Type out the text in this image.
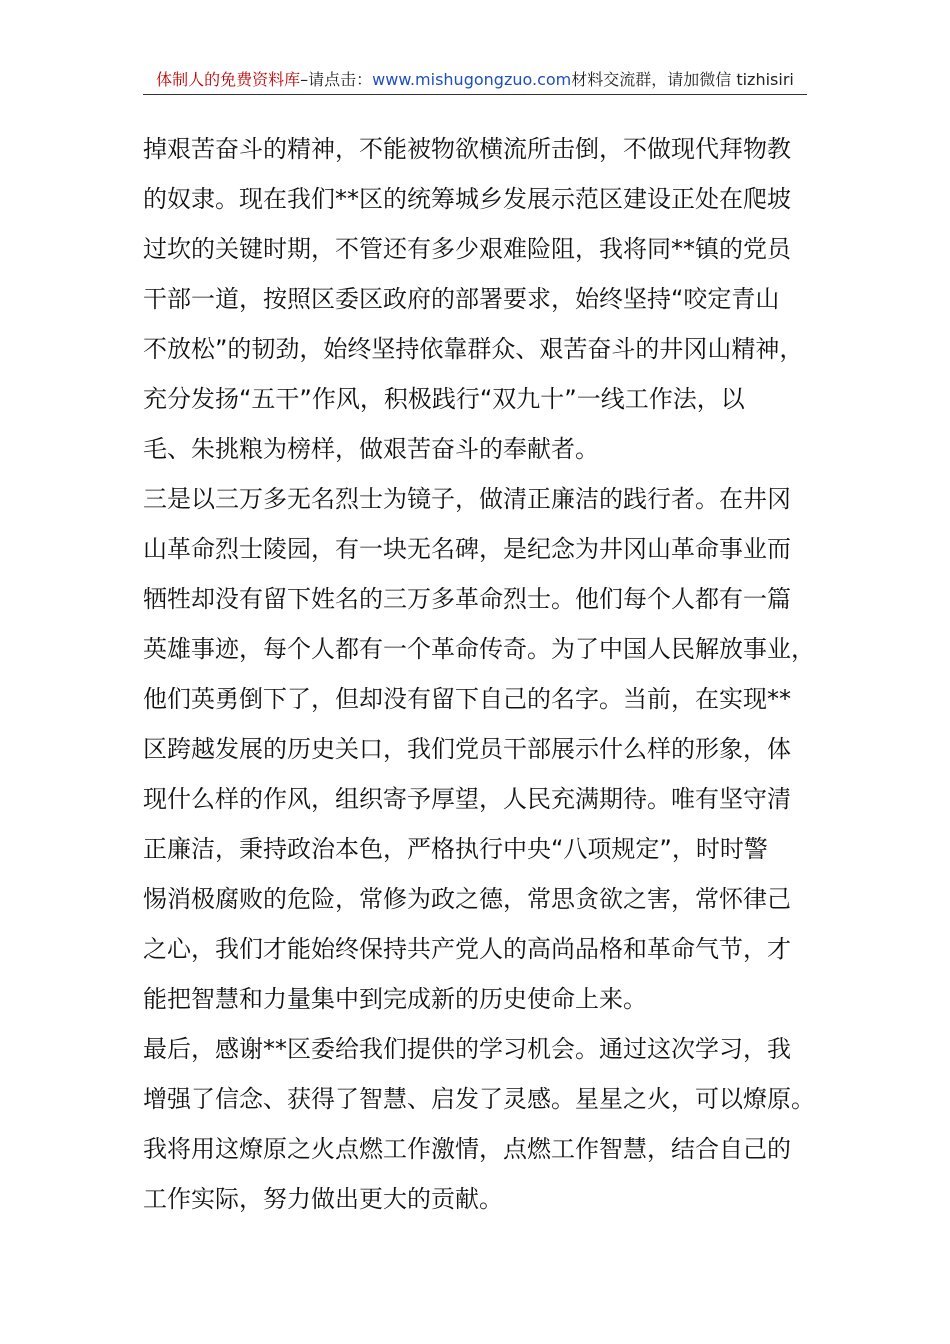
体制人的免费资料库–请点击：www.mishugongzuo.com材料交流群，请加微信 tizhisiri
掉艰苦奋斗的精神，不能被物欲横流所击倒，不做现代拜物教
的奴隶。现在我们**区的统筹城乡发展示范区建设正处在爬坡
过坎的关键时期，不管还有多少艰难险阻，我将同**镇的党员
干部一道，按照区委区政府的部署要求，始终坚持“咬定青山
不放松”的韧劲，始终坚持依靠群众、艰苦奋斗的井冈山精神，
充分发扬“五干”作风，积极践行“双九十”一线工作法，以
毛、朱挑粮为榜样，做艰苦奋斗的奉献者。
三是以三万多无名烈士为镜子，做清正廉洁的践行者。在井冈
山革命烈士陵园，有一块无名碑，是纪念为井冈山革命事业而
牺牲却没有留下姓名的三万多革命烈士。他们每个人都有一篇
英雄事迹，每个人都有一个革命传奇。为了中国人民解放事业，
他们英勇倒下了，但却没有留下自己的名字。当前，在实现**
区跨越发展的历史关口，我们党员干部展示什么样的形象，体
现什么样的作风，组织寄予厚望，人民充满期待。唯有坚守清
正廉洁，秉持政治本色，严格执行中央“八项规定”，时时警
惕消极腐败的危险，常修为政之德，常思贪欲之害，常怀律己
之心，我们才能始终保持共产党人的高尚品格和革命气节，才
能把智慧和力量集中到完成新的历史使命上来。
最后，感谢**区委给我们提供的学习机会。通过这次学习，我
增强了信念、获得了智慧、启发了灵感。星星之火，可以燎原。
我将用这燎原之火点燃工作激情，点燃工作智慧，结合自己的
工作实际，努力做出更大的贡献。
